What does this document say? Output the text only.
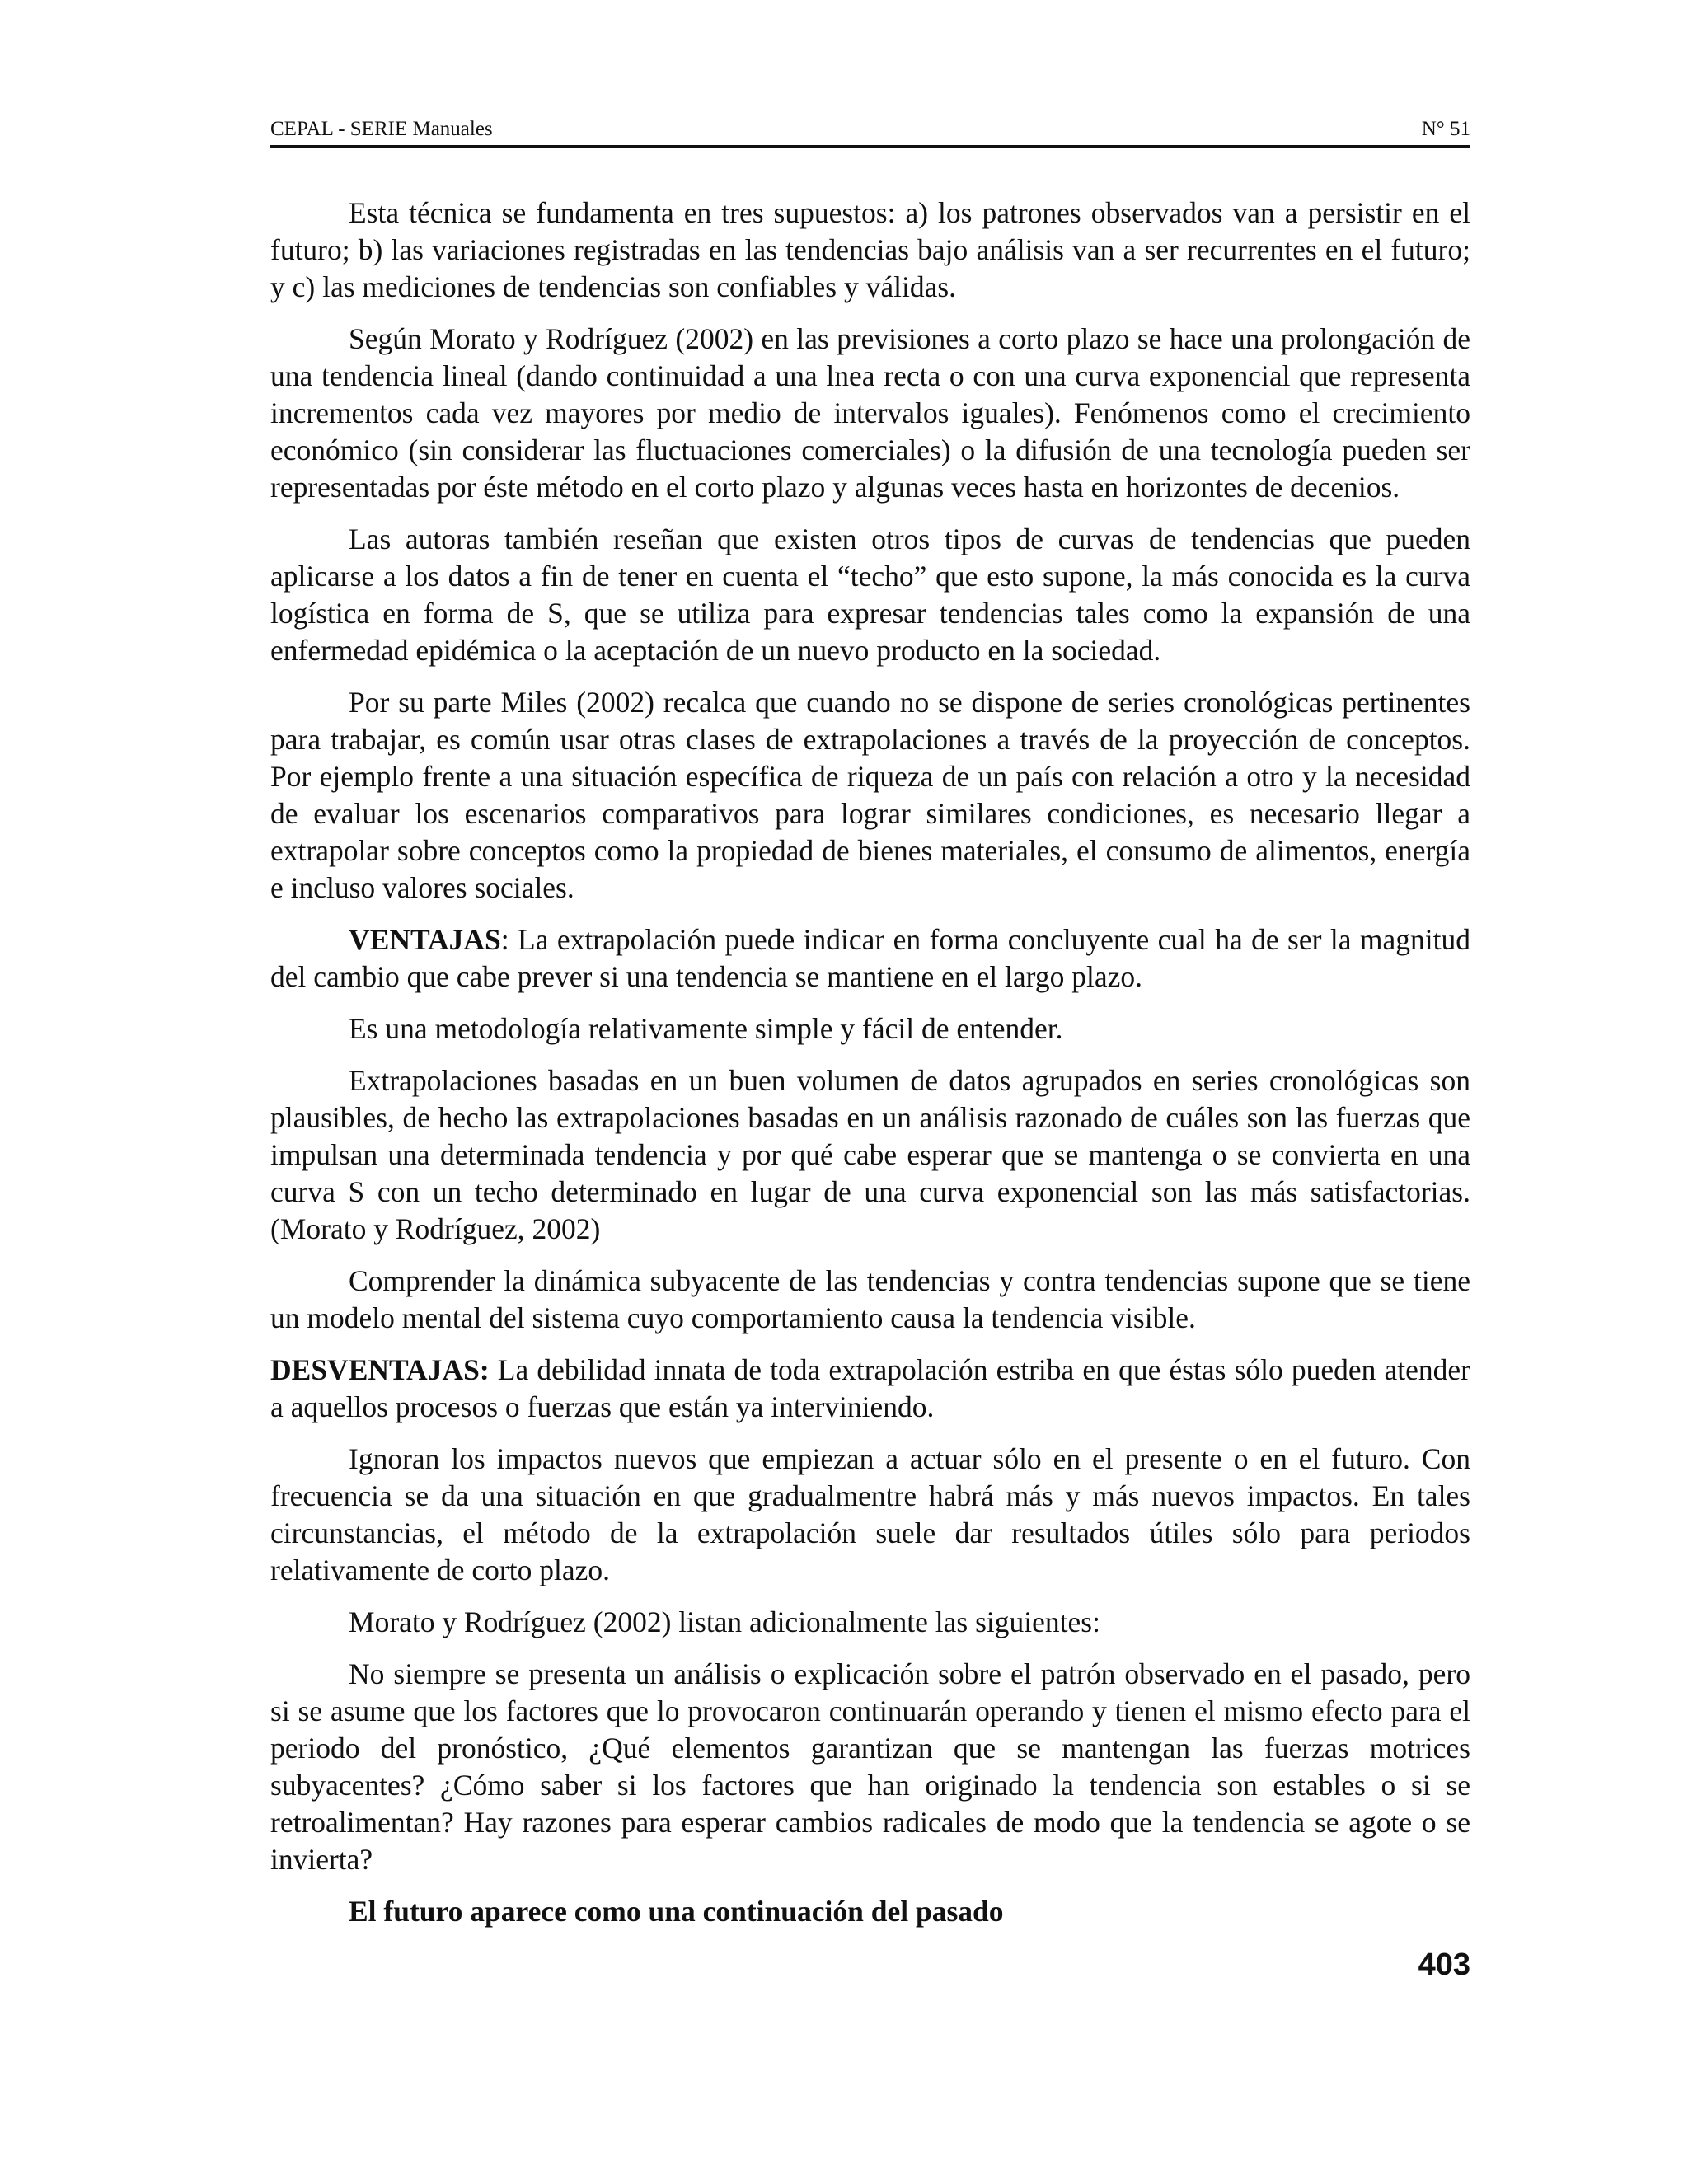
CEPAL - SERIE Manuales	N° 51

Esta técnica se fundamenta en tres supuestos: a) los patrones observados van a persistir en el futuro; b) las variaciones registradas en las tendencias bajo análisis van a ser recurrentes en el futuro; y c) las mediciones de tendencias son confiables y válidas.

Según Morato y Rodríguez (2002) en las previsiones a corto plazo se hace una prolongación de una tendencia lineal (dando continuidad a una lnea recta o con una curva exponencial que representa incrementos cada vez mayores por medio de intervalos iguales). Fenómenos como el crecimiento económico (sin considerar las fluctuaciones comerciales) o la difusión de una tecnología pueden ser representadas por éste método en el corto plazo y algunas veces hasta en horizontes de decenios.

Las autoras también reseñan que existen otros tipos de curvas de tendencias que pueden aplicarse a los datos a fin de tener en cuenta el “techo” que esto supone, la más conocida es la curva logística en forma de S, que se utiliza para expresar tendencias tales como la expansión de una enfermedad epidémica o la aceptación de un nuevo producto en la sociedad.

Por su parte Miles (2002) recalca que cuando no se dispone de series cronológicas pertinentes para trabajar, es común usar otras clases de extrapolaciones a través de la proyección de conceptos. Por ejemplo frente a una situación específica de riqueza de un país con relación a otro y la necesidad de evaluar los escenarios comparativos para lograr similares condiciones, es necesario llegar a extrapolar sobre conceptos como la propiedad de bienes materiales, el consumo de alimentos, energía e incluso valores sociales.

VENTAJAS: La extrapolación puede indicar en forma concluyente cual ha de ser la magnitud del cambio que cabe prever si una tendencia se mantiene en el largo plazo.

Es una metodología relativamente simple y fácil de entender.

Extrapolaciones basadas en un buen volumen de datos agrupados en series cronológicas son plausibles, de hecho las extrapolaciones basadas en un análisis razonado de cuáles son las fuerzas que impulsan una determinada tendencia y por qué cabe esperar que se mantenga o se convierta en una curva S con un techo determinado en lugar de una curva exponencial son las más satisfactorias. (Morato y Rodríguez, 2002)

Comprender la dinámica subyacente de las tendencias y contra tendencias supone que se tiene un modelo mental del sistema cuyo comportamiento causa la tendencia visible.

DESVENTAJAS: La debilidad innata de toda extrapolación estriba en que éstas sólo pueden atender a aquellos procesos o fuerzas que están ya interviniendo.

Ignoran los impactos nuevos que empiezan a actuar sólo en el presente o en el futuro. Con frecuencia se da una situación en que gradualmentre habrá más y más nuevos impactos. En tales circunstancias, el método de la extrapolación suele dar resultados útiles sólo para periodos relativamente de corto plazo.

Morato y Rodríguez (2002) listan adicionalmente las siguientes:

No siempre se presenta un análisis o explicación sobre el patrón observado en el pasado, pero si se asume que los factores que lo provocaron continuarán operando y tienen el mismo efecto para el periodo del pronóstico, ¿Qué elementos garantizan que se mantengan las fuerzas motrices subyacentes? ¿Cómo saber si los factores que han originado la tendencia son estables o si se retroalimentan? Hay razones para esperar cambios radicales de modo que la tendencia se agote o se invierta?

El futuro aparece como una continuación del pasado

403
